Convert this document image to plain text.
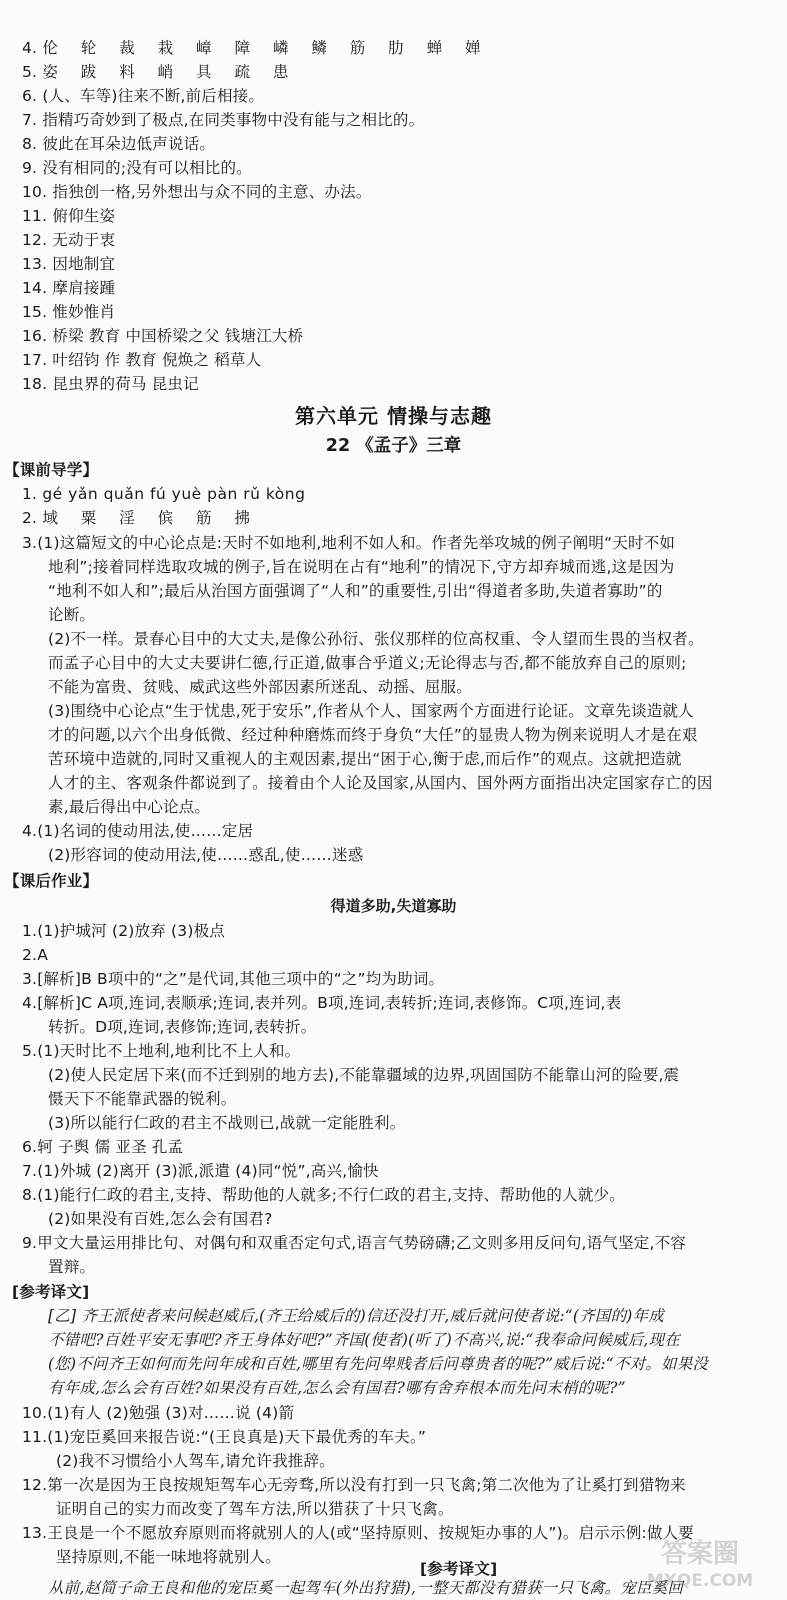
4. 伦 轮 裁 栽 嶂 障 嶙 鳞 筋 肋 蝉 婵
5. 姿 跋 料 峭 具 疏 患
6. (人、车等)往来不断,前后相接。
7. 指精巧奇妙到了极点,在同类事物中没有能与之相比的。
8. 彼此在耳朵边低声说话。
9. 没有相同的;没有可以相比的。
10. 指独创一格,另外想出与众不同的主意、办法。
11. 俯仰生姿
12. 无动于衷
13. 因地制宜
14. 摩肩接踵
15. 惟妙惟肖
16. 桥梁 教育 中国桥梁之父 钱塘江大桥
17. 叶绍钧 作 教育 倪焕之 稻草人
18. 昆虫界的荷马 昆虫记
第六单元 情操与志趣
22 《孟子》三章
【课前导学】
1. gé yǎn quǎn fú yuè pàn rǔ kòng
2. 域 粟 淫 傧 筋 拂
3.(1)这篇短文的中心论点是:天时不如地利,地利不如人和。作者先举攻城的例子阐明“天时不如
地利”;接着同样选取攻城的例子,旨在说明在占有“地利”的情况下,守方却弃城而逃,这是因为
“地利不如人和”;最后从治国方面强调了“人和”的重要性,引出“得道者多助,失道者寡助”的
论断。
(2)不一样。景春心目中的大丈夫,是像公孙衍、张仪那样的位高权重、令人望而生畏的当权者。
而孟子心目中的大丈夫要讲仁德,行正道,做事合乎道义;无论得志与否,都不能放弃自己的原则;
不能为富贵、贫贱、威武这些外部因素所迷乱、动摇、屈服。
(3)围绕中心论点“生于忧患,死于安乐”,作者从个人、国家两个方面进行论证。文章先谈造就人
才的问题,以六个出身低微、经过种种磨炼而终于身负“大任”的显贵人物为例来说明人才是在艰
苦环境中造就的,同时又重视人的主观因素,提出“困于心,衡于虑,而后作”的观点。这就把造就
人才的主、客观条件都说到了。接着由个人论及国家,从国内、国外两方面指出决定国家存亡的因
素,最后得出中心论点。
4.(1)名词的使动用法,使……定居
(2)形容词的使动用法,使……惑乱,使……迷惑
【课后作业】
得道多助,失道寡助
1.(1)护城河 (2)放弃 (3)极点
2.A
3.[解析]B B项中的“之”是代词,其他三项中的“之”均为助词。
4.[解析]C A项,连词,表顺承;连词,表并列。B项,连词,表转折;连词,表修饰。C项,连词,表
转折。D项,连词,表修饰;连词,表转折。
5.(1)天时比不上地利,地利比不上人和。
(2)使人民定居下来(而不迁到别的地方去),不能靠疆域的边界,巩固国防不能靠山河的险要,震
慑天下不能靠武器的锐利。
(3)所以能行仁政的君主不战则已,战就一定能胜利。
6.轲 子舆 儒 亚圣 孔孟
7.(1)外城 (2)离开 (3)派,派遣 (4)同“悦”,高兴,愉快
8.(1)能行仁政的君主,支持、帮助他的人就多;不行仁政的君主,支持、帮助他的人就少。
(2)如果没有百姓,怎么会有国君?
9.甲文大量运用排比句、对偶句和双重否定句式,语言气势磅礴;乙文则多用反问句,语气坚定,不容
置辩。
[参考译文]
[乙] 齐王派使者来问候赵威后,(齐王给威后的)信还没打开,威后就问使者说:“(齐国的)年成
不错吧?百姓平安无事吧?齐王身体好吧?”齐国(使者)(听了)不高兴,说:“我奉命问候威后,现在
(您)不问齐王如何而先问年成和百姓,哪里有先问卑贱者后问尊贵者的呢?”威后说:“不对。如果没
有年成,怎么会有百姓?如果没有百姓,怎么会有国君?哪有舍弃根本而先问末梢的呢?”
10.(1)有人 (2)勉强 (3)对……说 (4)箭
11.(1)宠臣奚回来报告说:“(王良真是)天下最优秀的车夫。”
(2)我不习惯给小人驾车,请允许我推辞。
12.第一次是因为王良按规矩驾车心无旁骛,所以没有打到一只飞禽;第二次他为了让奚打到猎物来
证明自己的实力而改变了驾车方法,所以猎获了十只飞禽。
13.王良是一个不愿放弃原则而将就别人的人(或“坚持原则、按规矩办事的人”)。启示示例:做人要
坚持原则,不能一味地将就别人。
[参考译文]
从前,赵简子命王良和他的宠臣奚一起驾车(外出狩猎),一整天都没有猎获一只飞禽。宠臣奚回
答案圈
MXQE.COM
